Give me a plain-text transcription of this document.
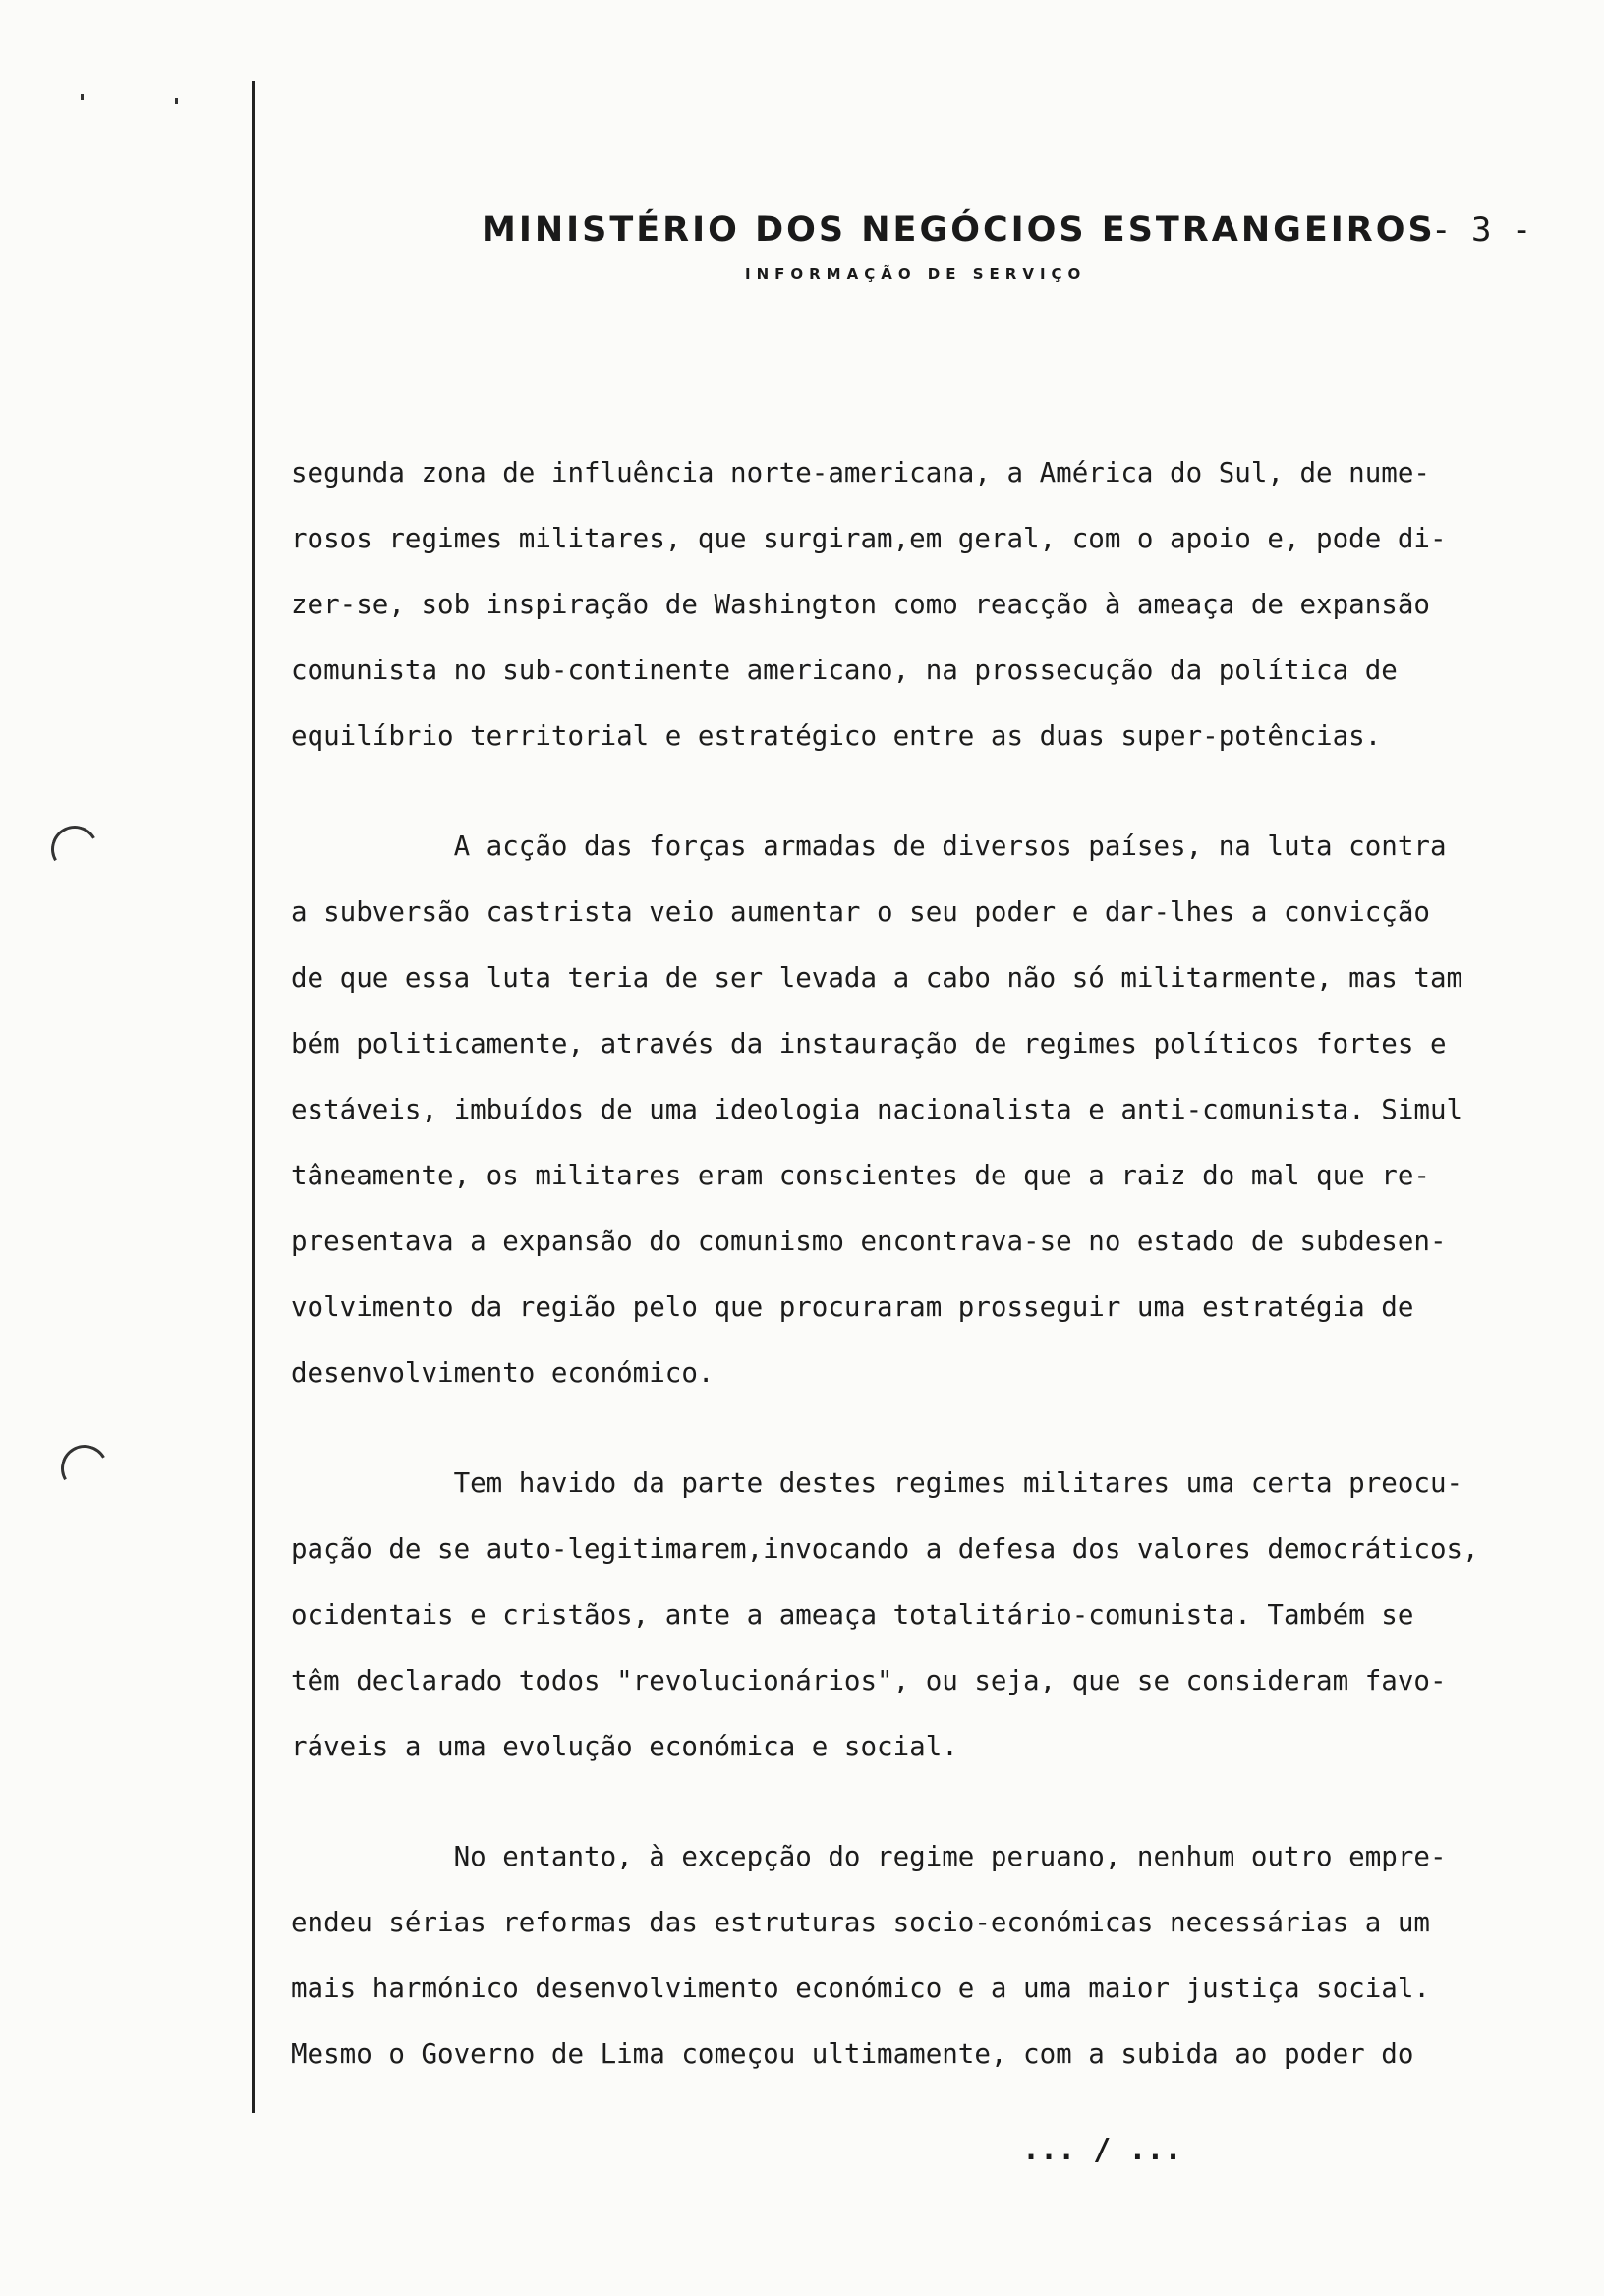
MINISTÉRIO DOS NEGÓCIOS ESTRANGEIROS
- 3 -
INFORMAÇÃO DE SERVIÇO
segunda zona de influência norte-americana, a América do Sul, de nume-
rosos regimes militares, que surgiram,em geral, com o apoio e, pode di-
zer-se, sob inspiração de Washington como reacção à ameaça de expansão
comunista no sub-continente americano, na prossecução da política de
equilíbrio territorial e estratégico entre as duas super-potências.
A acção das forças armadas de diversos países, na luta contra
a subversão castrista veio aumentar o seu poder e dar-lhes a convicção
de que essa luta teria de ser levada a cabo não só militarmente, mas tam
bém politicamente, através da instauração de regimes políticos fortes e
estáveis, imbuídos de uma ideologia nacionalista e anti-comunista. Simul
tâneamente, os militares eram conscientes de que a raiz do mal que re-
presentava a expansão do comunismo encontrava-se no estado de subdesen-
volvimento da região pelo que procuraram prosseguir uma estratégia de
desenvolvimento económico.
Tem havido da parte destes regimes militares uma certa preocu-
pação de se auto-legitimarem,invocando a defesa dos valores democráticos,
ocidentais e cristãos, ante a ameaça totalitário-comunista. Também se
têm declarado todos "revolucionários", ou seja, que se consideram favo-
ráveis a uma evolução económica e social.
No entanto, à excepção do regime peruano, nenhum outro empre-
endeu sérias reformas das estruturas socio-económicas necessárias a um
mais harmónico desenvolvimento económico e a uma maior justiça social.
Mesmo o Governo de Lima começou ultimamente, com a subida ao poder do
... / ...
